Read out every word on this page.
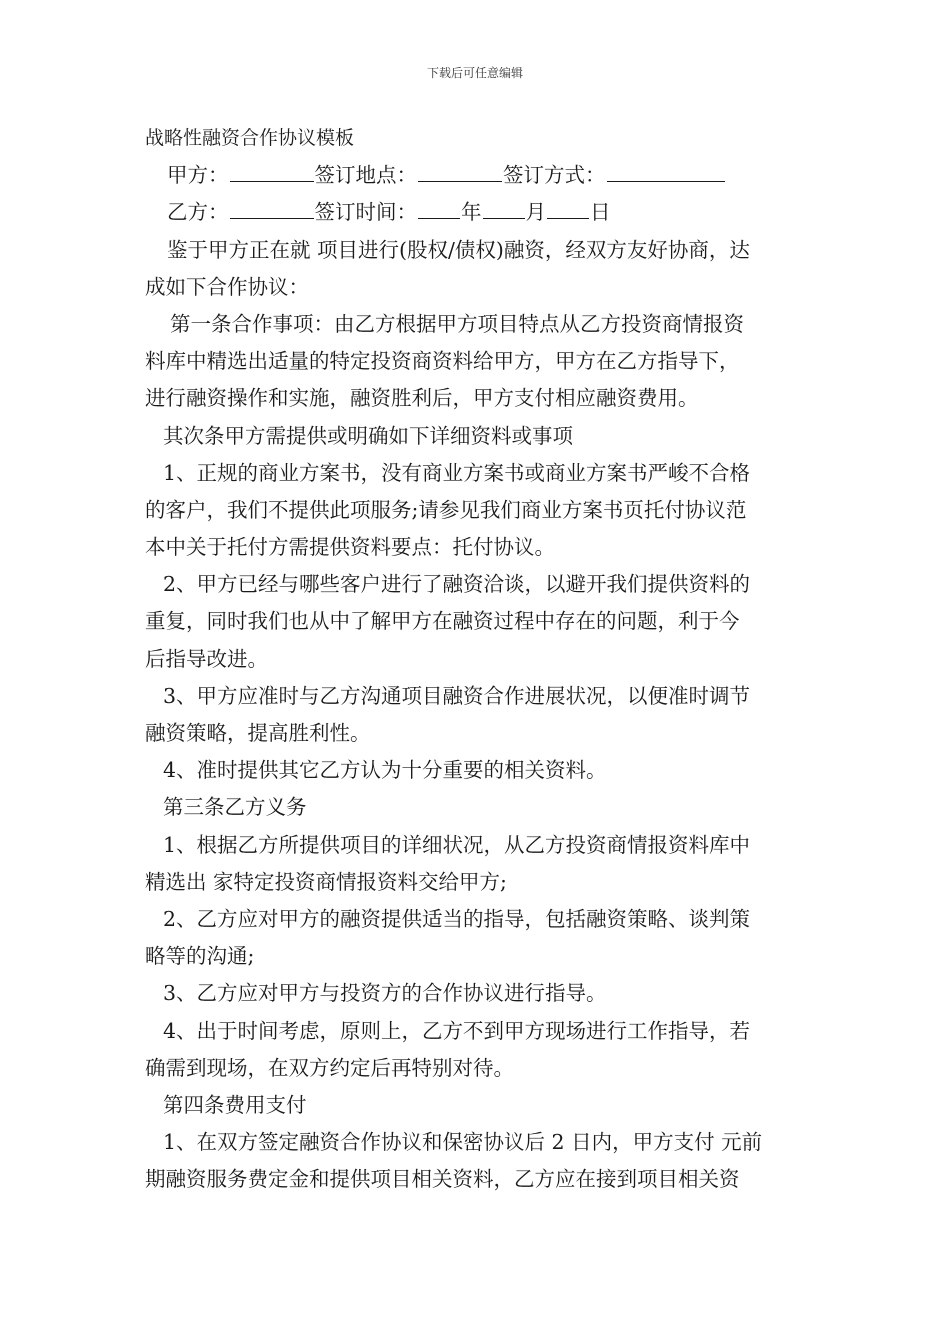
下载后可任意编辑
战略性融资合作协议模板
甲方：	签订地点：	签订方式：
乙方：	签订时间： 年 月 日
鉴于甲方正在就 项目进行(股权/债权)融资，经双方友好协商，达
成如下合作协议：
第一条合作事项：由乙方根据甲方项目特点从乙方投资商情报资
料库中精选出适量的特定投资商资料给甲方，甲方在乙方指导下，
进行融资操作和实施，融资胜利后，甲方支付相应融资费用。
其次条甲方需提供或明确如下详细资料或事项
1、正规的商业方案书，没有商业方案书或商业方案书严峻不合格
的客户，我们不提供此项服务;请参见我们商业方案书页托付协议范
本中关于托付方需提供资料要点：托付协议。
2、甲方已经与哪些客户进行了融资洽谈，以避开我们提供资料的
重复，同时我们也从中了解甲方在融资过程中存在的问题，利于今
后指导改进。
3、甲方应准时与乙方沟通项目融资合作进展状况，以便准时调节
融资策略，提高胜利性。
4、准时提供其它乙方认为十分重要的相关资料。
第三条乙方义务
1、根据乙方所提供项目的详细状况，从乙方投资商情报资料库中
精选出 家特定投资商情报资料交给甲方;
2、乙方应对甲方的融资提供适当的指导，包括融资策略、谈判策
略等的沟通;
3、乙方应对甲方与投资方的合作协议进行指导。
4、出于时间考虑，原则上，乙方不到甲方现场进行工作指导，若
确需到现场，在双方约定后再特别对待。
第四条费用支付
1、在双方签定融资合作协议和保密协议后 2 日内，甲方支付 元前
期融资服务费定金和提供项目相关资料，乙方应在接到项目相关资
